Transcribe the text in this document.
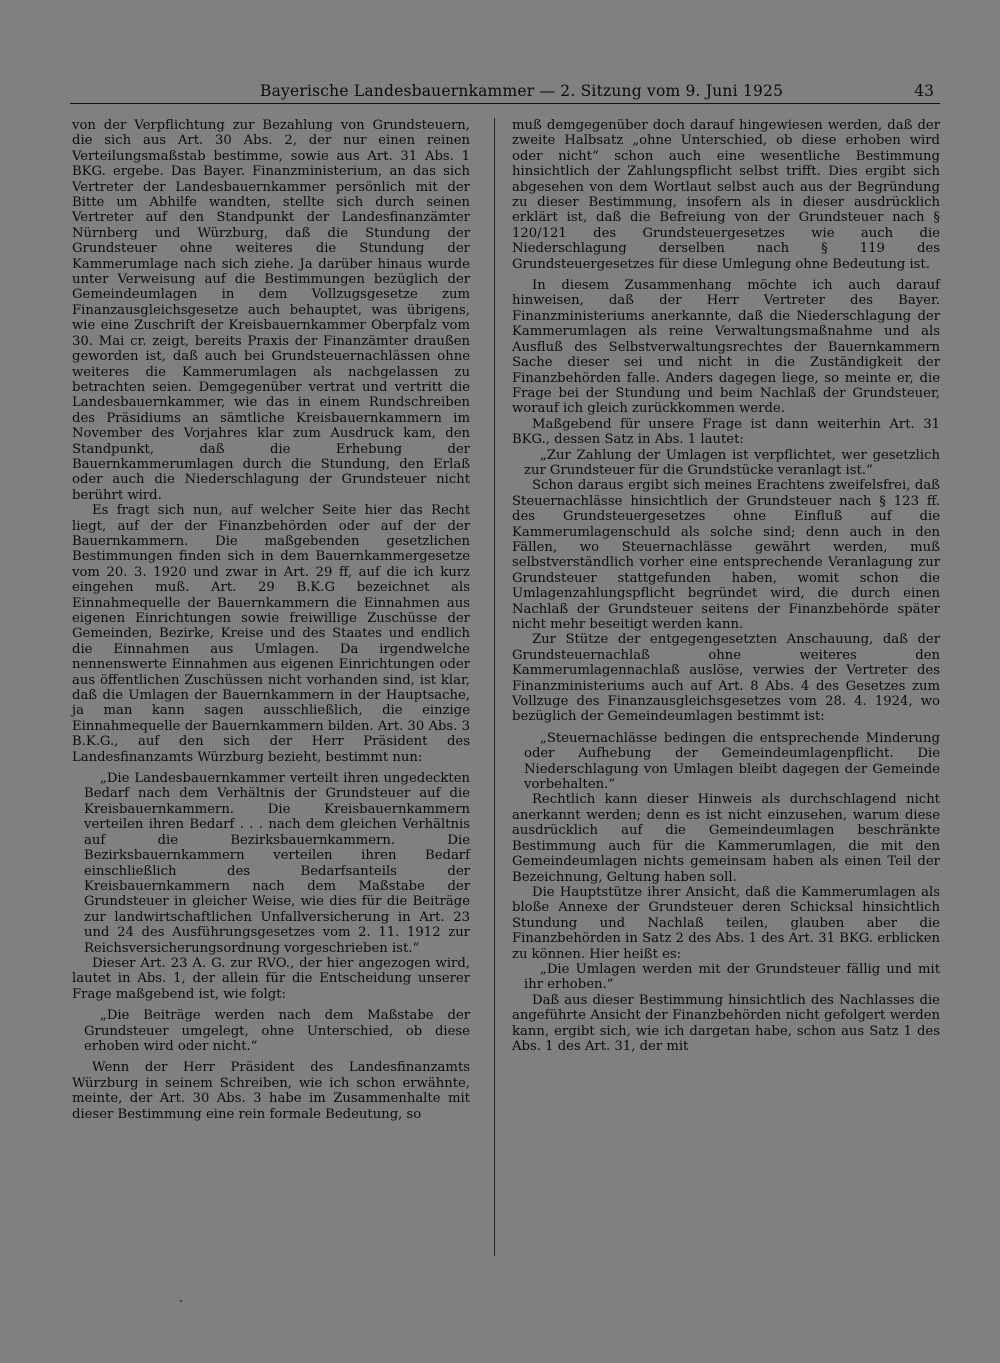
Bayerische Landesbauernkammer — 2. Sitzung vom 9. Juni 1925	43

von der Verpflichtung zur Bezahlung von Grundsteuern, die sich aus Art. 30 Abs. 2, der nur einen reinen Verteilungsmaßstab bestimme, sowie aus Art. 31 Abs. 1 BKG. ergebe. Das Bayer. Finanzministerium, an das sich Vertreter der Landesbauernkammer persönlich mit der Bitte um Abhilfe wandten, stellte sich durch seinen Vertreter auf den Standpunkt der Landesfinanzämter Nürnberg und Würzburg, daß die Stundung der Grundsteuer ohne weiteres die Stundung der Kammerumlage nach sich ziehe. Ja darüber hinaus wurde unter Verweisung auf die Bestimmungen bezüglich der Gemeindeumlagen in dem Vollzugsgesetze zum Finanzausgleichsgesetze auch behauptet, was übrigens, wie eine Zuschrift der Kreisbauernkammer Oberpfalz vom 30. Mai cr. zeigt, bereits Praxis der Finanzämter draußen geworden ist, daß auch bei Grundsteuernachlässen ohne weiteres die Kammerumlagen als nachgelassen zu betrachten seien. Demgegenüber vertrat und vertritt die Landesbauernkammer, wie das in einem Rundschreiben des Präsidiums an sämtliche Kreisbauernkammern im November des Vorjahres klar zum Ausdruck kam, den Standpunkt, daß die Erhebung der Bauernkammerumlagen durch die Stundung, den Erlaß oder auch die Niederschlagung der Grundsteuer nicht berührt wird.

Es fragt sich nun, auf welcher Seite hier das Recht liegt, auf der der Finanzbehörden oder auf der der Bauernkammern. Die maßgebenden gesetzlichen Bestimmungen finden sich in dem Bauernkammergesetze vom 20. 3. 1920 und zwar in Art. 29 ff, auf die ich kurz eingehen muß. Art. 29 B.K.G bezeichnet als Einnahmequelle der Bauernkammern die Einnahmen aus eigenen Einrichtungen sowie freiwillige Zuschüsse der Gemeinden, Bezirke, Kreise und des Staates und endlich die Einnahmen aus Umlagen. Da irgendwelche nennenswerte Einnahmen aus eigenen Einrichtungen oder aus öffentlichen Zuschüssen nicht vorhanden sind, ist klar, daß die Umlagen der Bauernkammern in der Hauptsache, ja man kann sagen ausschließlich, die einzige Einnahmequelle der Bauernkammern bilden. Art. 30 Abs. 3 B.K.G., auf den sich der Herr Präsident des Landesfinanzamts Würzburg bezieht, bestimmt nun:

„Die Landesbauernkammer verteilt ihren ungedeckten Bedarf nach dem Verhältnis der Grundsteuer auf die Kreisbauernkammern. Die Kreisbauernkammern verteilen ihren Bedarf . . . nach dem gleichen Verhältnis auf die Bezirksbauernkammern. Die Bezirksbauernkammern verteilen ihren Bedarf einschließlich des Bedarfsanteils der Kreisbauernkammern nach dem Maßstabe der Grundsteuer in gleicher Weise, wie dies für die Beiträge zur landwirtschaftlichen Unfallversicherung in Art. 23 und 24 des Ausführungsgesetzes vom 2. 11. 1912 zur Reichsversicherungsordnung vorgeschrieben ist.“

Dieser Art. 23 A. G. zur RVO., der hier angezogen wird, lautet in Abs. 1, der allein für die Entscheidung unserer Frage maßgebend ist, wie folgt:

„Die Beiträge werden nach dem Maßstabe der Grundsteuer umgelegt, ohne Unterschied, ob diese erhoben wird oder nicht.“

Wenn der Herr Präsident des Landesfinanzamts Würzburg in seinem Schreiben, wie ich schon erwähnte, meinte, der Art. 30 Abs. 3 habe im Zusammenhalte mit dieser Bestimmung eine rein formale Bedeutung, so

muß demgegenüber doch darauf hingewiesen werden, daß der zweite Halbsatz „ohne Unterschied, ob diese erhoben wird oder nicht“ schon auch eine wesentliche Bestimmung hinsichtlich der Zahlungspflicht selbst trifft. Dies ergibt sich abgesehen von dem Wortlaut selbst auch aus der Begründung zu dieser Bestimmung, insofern als in dieser ausdrücklich erklärt ist, daß die Befreiung von der Grundsteuer nach § 120/121 des Grundsteuergesetzes wie auch die Niederschlagung derselben nach § 119 des Grundsteuergesetzes für diese Umlegung ohne Bedeutung ist.

In diesem Zusammenhang möchte ich auch darauf hinweisen, daß der Herr Vertreter des Bayer. Finanzministeriums anerkannte, daß die Niederschlagung der Kammerumlagen als reine Verwaltungsmaßnahme und als Ausfluß des Selbstverwaltungsrechtes der Bauernkammern Sache dieser sei und nicht in die Zuständigkeit der Finanzbehörden falle. Anders dagegen liege, so meinte er, die Frage bei der Stundung und beim Nachlaß der Grundsteuer, worauf ich gleich zurückkommen werde.

Maßgebend für unsere Frage ist dann weiterhin Art. 31 BKG., dessen Satz in Abs. 1 lautet:

„Zur Zahlung der Umlagen ist verpflichtet, wer gesetzlich zur Grundsteuer für die Grundstücke veranlagt ist.“

Schon daraus ergibt sich meines Erachtens zweifelsfrei, daß Steuernachlässe hinsichtlich der Grundsteuer nach § 123 ff. des Grundsteuergesetzes ohne Einfluß auf die Kammerumlagenschuld als solche sind; denn auch in den Fällen, wo Steuernachlässe gewährt werden, muß selbstverständlich vorher eine entsprechende Veranlagung zur Grundsteuer stattgefunden haben, womit schon die Umlagenzahlungspflicht begründet wird, die durch einen Nachlaß der Grundsteuer seitens der Finanzbehörde später nicht mehr beseitigt werden kann.

Zur Stütze der entgegengesetzten Anschauung, daß der Grundsteuernachlaß ohne weiteres den Kammerumlagennachlaß auslöse, verwies der Vertreter des Finanzministeriums auch auf Art. 8 Abs. 4 des Gesetzes zum Vollzuge des Finanzausgleichsgesetzes vom 28. 4. 1924, wo bezüglich der Gemeindeumlagen bestimmt ist:

„Steuernachlässe bedingen die entsprechende Minderung oder Aufhebung der Gemeindeumlagenpflicht. Die Niederschlagung von Umlagen bleibt dagegen der Gemeinde vorbehalten.“

Rechtlich kann dieser Hinweis als durchschlagend nicht anerkannt werden; denn es ist nicht einzusehen, warum diese ausdrücklich auf die Gemeindeumlagen beschränkte Bestimmung auch für die Kammerumlagen, die mit den Gemeindeumlagen nichts gemeinsam haben als einen Teil der Bezeichnung, Geltung haben soll.

Die Hauptstütze ihrer Ansicht, daß die Kammerumlagen als bloße Annexe der Grundsteuer deren Schicksal hinsichtlich Stundung und Nachlaß teilen, glauben aber die Finanzbehörden in Satz 2 des Abs. 1 des Art. 31 BKG. erblicken zu können. Hier heißt es:

„Die Umlagen werden mit der Grundsteuer fällig und mit ihr erhoben.“

Daß aus dieser Bestimmung hinsichtlich des Nachlasses die angeführte Ansicht der Finanzbehörden nicht gefolgert werden kann, ergibt sich, wie ich dargetan habe, schon aus Satz 1 des Abs. 1 des Art. 31, der mit
